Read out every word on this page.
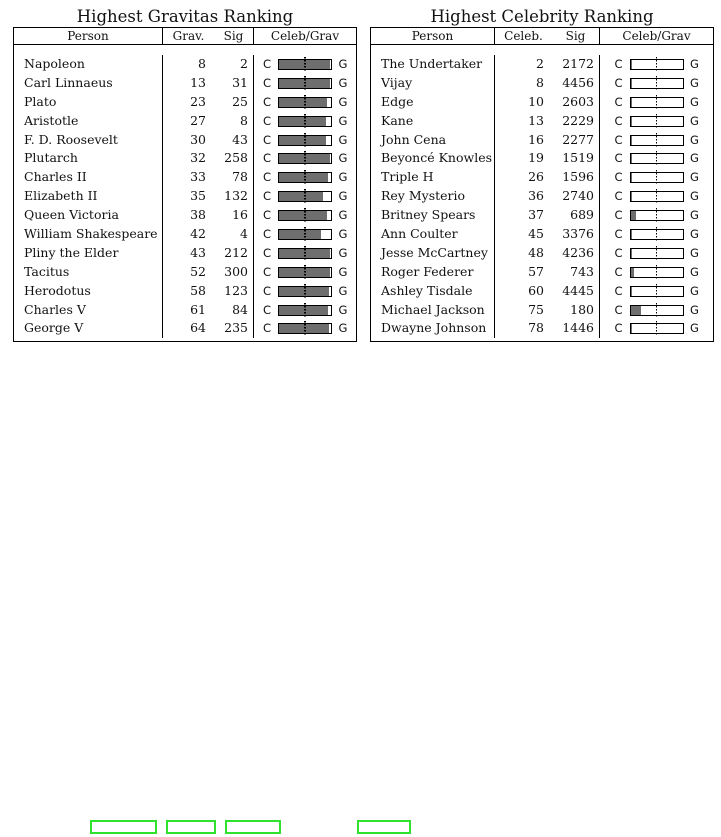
Highest Gravitas Ranking
Person	Grav.	Sig	Celeb/Grav
Napoleon	8	2	C	G
Carl Linnaeus	13	31	C	G
Plato	23	25	C	G
Aristotle	27	8	C	G
F. D. Roosevelt	30	43	C	G
Plutarch	32	258	C	G
Charles II	33	78	C	G
Elizabeth II	35	132	C	G
Queen Victoria	38	16	C	G
William Shakespeare	42	4	C	G
Pliny the Elder	43	212	C	G
Tacitus	52	300	C	G
Herodotus	58	123	C	G
Charles V	61	84	C	G
George V	64	235	C	G
Highest Celebrity Ranking
Person	Celeb.	Sig	Celeb/Grav
The Undertaker	2	2172	C	G
Vijay	8	4456	C	G
Edge	10	2603	C	G
Kane	13	2229	C	G
John Cena	16	2277	C	G
Beyoncé Knowles	19	1519	C	G
Triple H	26	1596	C	G
Rey Mysterio	36	2740	C	G
Britney Spears	37	689	C	G
Ann Coulter	45	3376	C	G
Jesse McCartney	48	4236	C	G
Roger Federer	57	743	C	G
Ashley Tisdale	60	4445	C	G
Michael Jackson	75	180	C	G
Dwayne Johnson	78	1446	C	G
